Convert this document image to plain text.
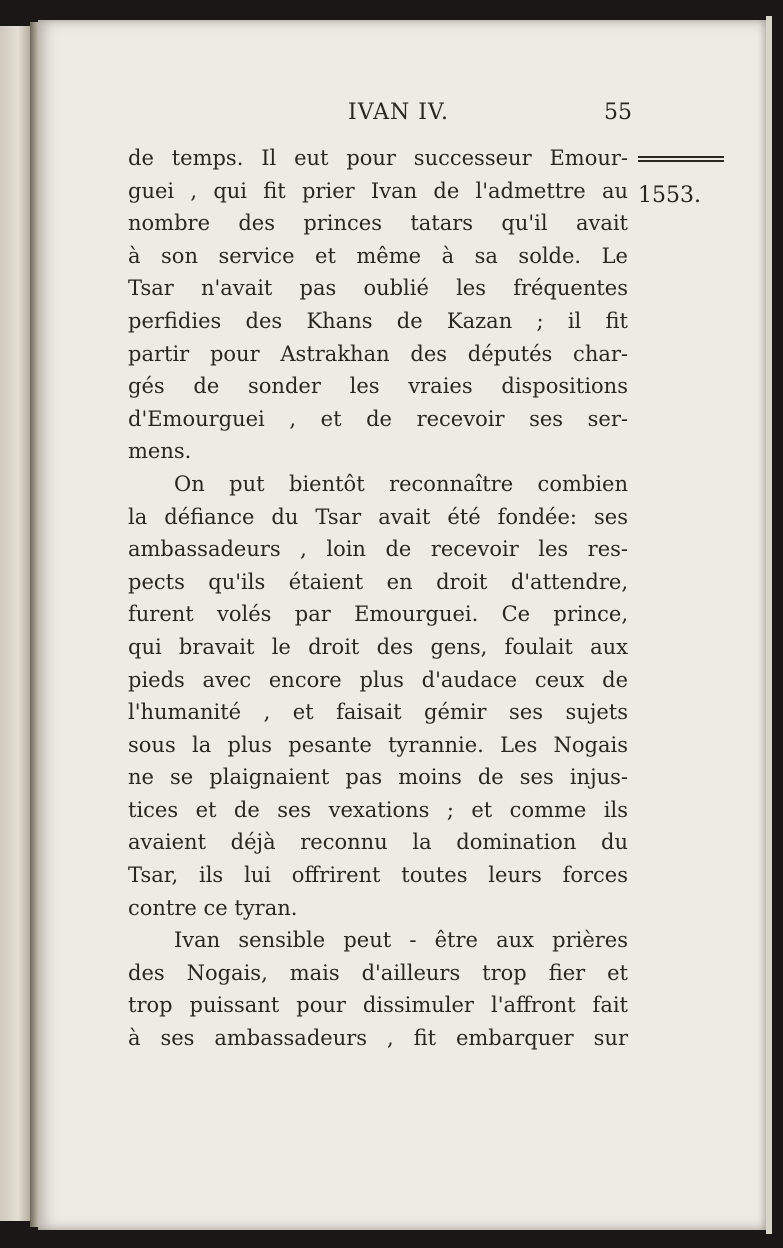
IVAN IV.	55
1553.

de temps. Il eut pour successeur Emour-
guei , qui fit prier Ivan de l'admettre au
nombre des princes tatars qu'il avait
à son service et même à sa solde. Le
Tsar n'avait pas oublié les fréquentes
perfidies des Khans de Kazan ; il fit
partir pour Astrakhan des députés char-
gés de sonder les vraies dispositions
d'Emourguei , et de recevoir ses ser-
mens.

On put bientôt reconnaître combien
la défiance du Tsar avait été fondée: ses
ambassadeurs , loin de recevoir les res-
pects qu'ils étaient en droit d'attendre,
furent volés par Emourguei. Ce prince,
qui bravait le droit des gens, foulait aux
pieds avec encore plus d'audace ceux de
l'humanité , et faisait gémir ses sujets
sous la plus pesante tyrannie. Les Nogais
ne se plaignaient pas moins de ses injus-
tices et de ses vexations ; et comme ils
avaient déjà reconnu la domination du
Tsar, ils lui offrirent toutes leurs forces
contre ce tyran.

Ivan sensible peut - être aux prières
des Nogais, mais d'ailleurs trop fier et
trop puissant pour dissimuler l'affront fait
à ses ambassadeurs , fit embarquer sur
